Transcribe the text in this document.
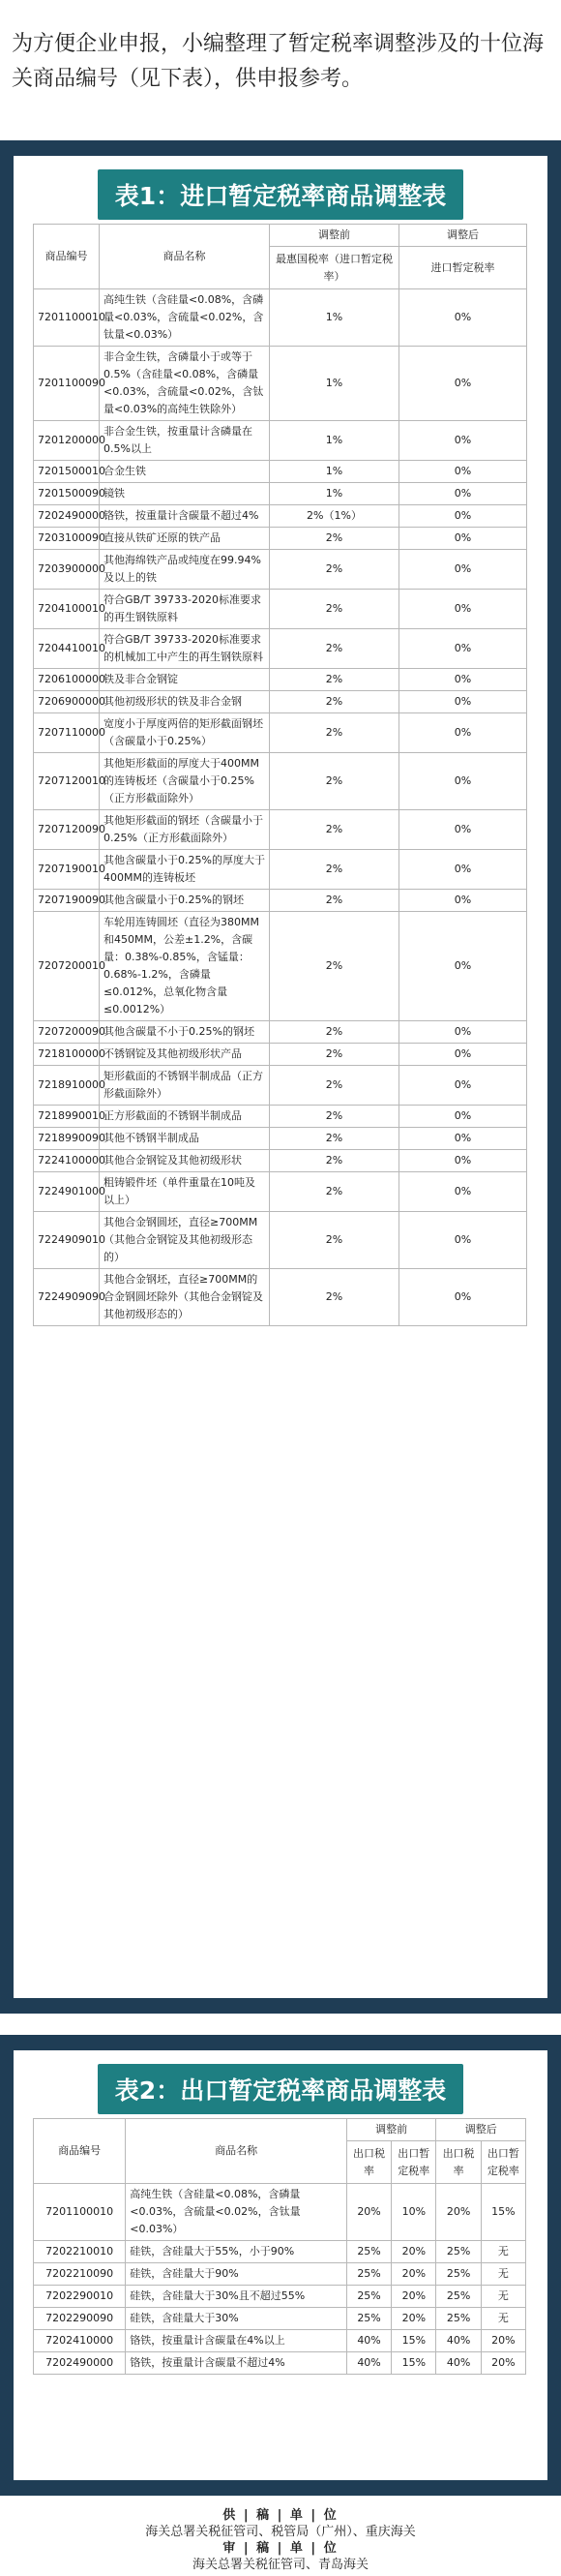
为方便企业申报，小编整理了暂定税率调整涉及的十位海关商品编号（见下表），供申报参考。
表1：进口暂定税率商品调整表
商品编号	商品名称	调整前	调整后
		最惠国税率（进口暂定税率）	进口暂定税率
7201100010	高纯生铁（含硅量<0.08%，含磷量<0.03%，含硫量<0.02%，含钛量<0.03%）	1%	0%
7201100090	非合金生铁，含磷量小于或等于0.5%（含硅量<0.08%，含磷量<0.03%，含硫量<0.02%，含钛量<0.03%的高纯生铁除外）	1%	0%
7201200000	非合金生铁，按重量计含磷量在0.5%以上	1%	0%
7201500010	合金生铁	1%	0%
7201500090	镜铁	1%	0%
7202490000	铬铁，按重量计含碳量不超过4%	2%（1%）	0%
7203100090	直接从铁矿还原的铁产品	2%	0%
7203900000	其他海绵铁产品或纯度在99.94%及以上的铁	2%	0%
7204100010	符合GB/T 39733-2020标准要求的再生钢铁原料	2%	0%
7204410010	符合GB/T 39733-2020标准要求的机械加工中产生的再生钢铁原料	2%	0%
7206100000	铁及非合金钢锭	2%	0%
7206900000	其他初级形状的铁及非合金钢	2%	0%
7207110000	宽度小于厚度两倍的矩形截面钢坯（含碳量小于0.25%）	2%	0%
7207120010	其他矩形截面的厚度大于400MM的连铸板坯（含碳量小于0.25%（正方形截面除外）	2%	0%
7207120090	其他矩形截面的钢坯（含碳量小于0.25%（正方形截面除外）	2%	0%
7207190010	其他含碳量小于0.25%的厚度大于400MM的连铸板坯	2%	0%
7207190090	其他含碳量小于0.25%的钢坯	2%	0%
7207200010	车轮用连铸圆坯（直径为380MM和450MM，公差±1.2%，含碳量：0.38%-0.85%，含锰量：0.68%-1.2%，含磷量≤0.012%，总氧化物含量≤0.0012%）	2%	0%
7207200090	其他含碳量不小于0.25%的钢坯	2%	0%
7218100000	不锈钢锭及其他初级形状产品	2%	0%
7218910000	矩形截面的不锈钢半制成品（正方形截面除外）	2%	0%
7218990010	正方形截面的不锈钢半制成品	2%	0%
7218990090	其他不锈钢半制成品	2%	0%
7224100000	其他合金钢锭及其他初级形状	2%	0%
7224901000	粗铸锻件坯（单件重量在10吨及以上）	2%	0%
7224909010	其他合金钢圆坯，直径≥700MM（其他合金钢锭及其他初级形态的）	2%	0%
7224909090	其他合金钢坯，直径≥700MM的合金钢圆坯除外（其他合金钢锭及其他初级形态的）	2%	0%
表2：出口暂定税率商品调整表
商品编号	商品名称	调整前		调整后	
		出口税率	出口暂定税率	出口税率	出口暂定税率
7201100010	高纯生铁（含硅量<0.08%，含磷量<0.03%，含硫量<0.02%，含钛量<0.03%）	20%	10%	20%	15%
7202210010	硅铁，含硅量大于55%，小于90%	25%	20%	25%	无
7202210090	硅铁，含硅量大于90%	25%	20%	25%	无
7202290010	硅铁，含硅量大于30%且不超过55%	25%	20%	25%	无
7202290090	硅铁，含硅量大于30%	25%	20%	25%	无
7202410000	铬铁，按重量计含碳量在4%以上	40%	15%	40%	20%
7202490000	铬铁，按重量计含碳量不超过4%	40%	15%	40%	20%
供 | 稿 | 单 | 位
海关总署关税征管司、税管局（广州）、重庆海关
审 | 稿 | 单 | 位
海关总署关税征管司、青岛海关
